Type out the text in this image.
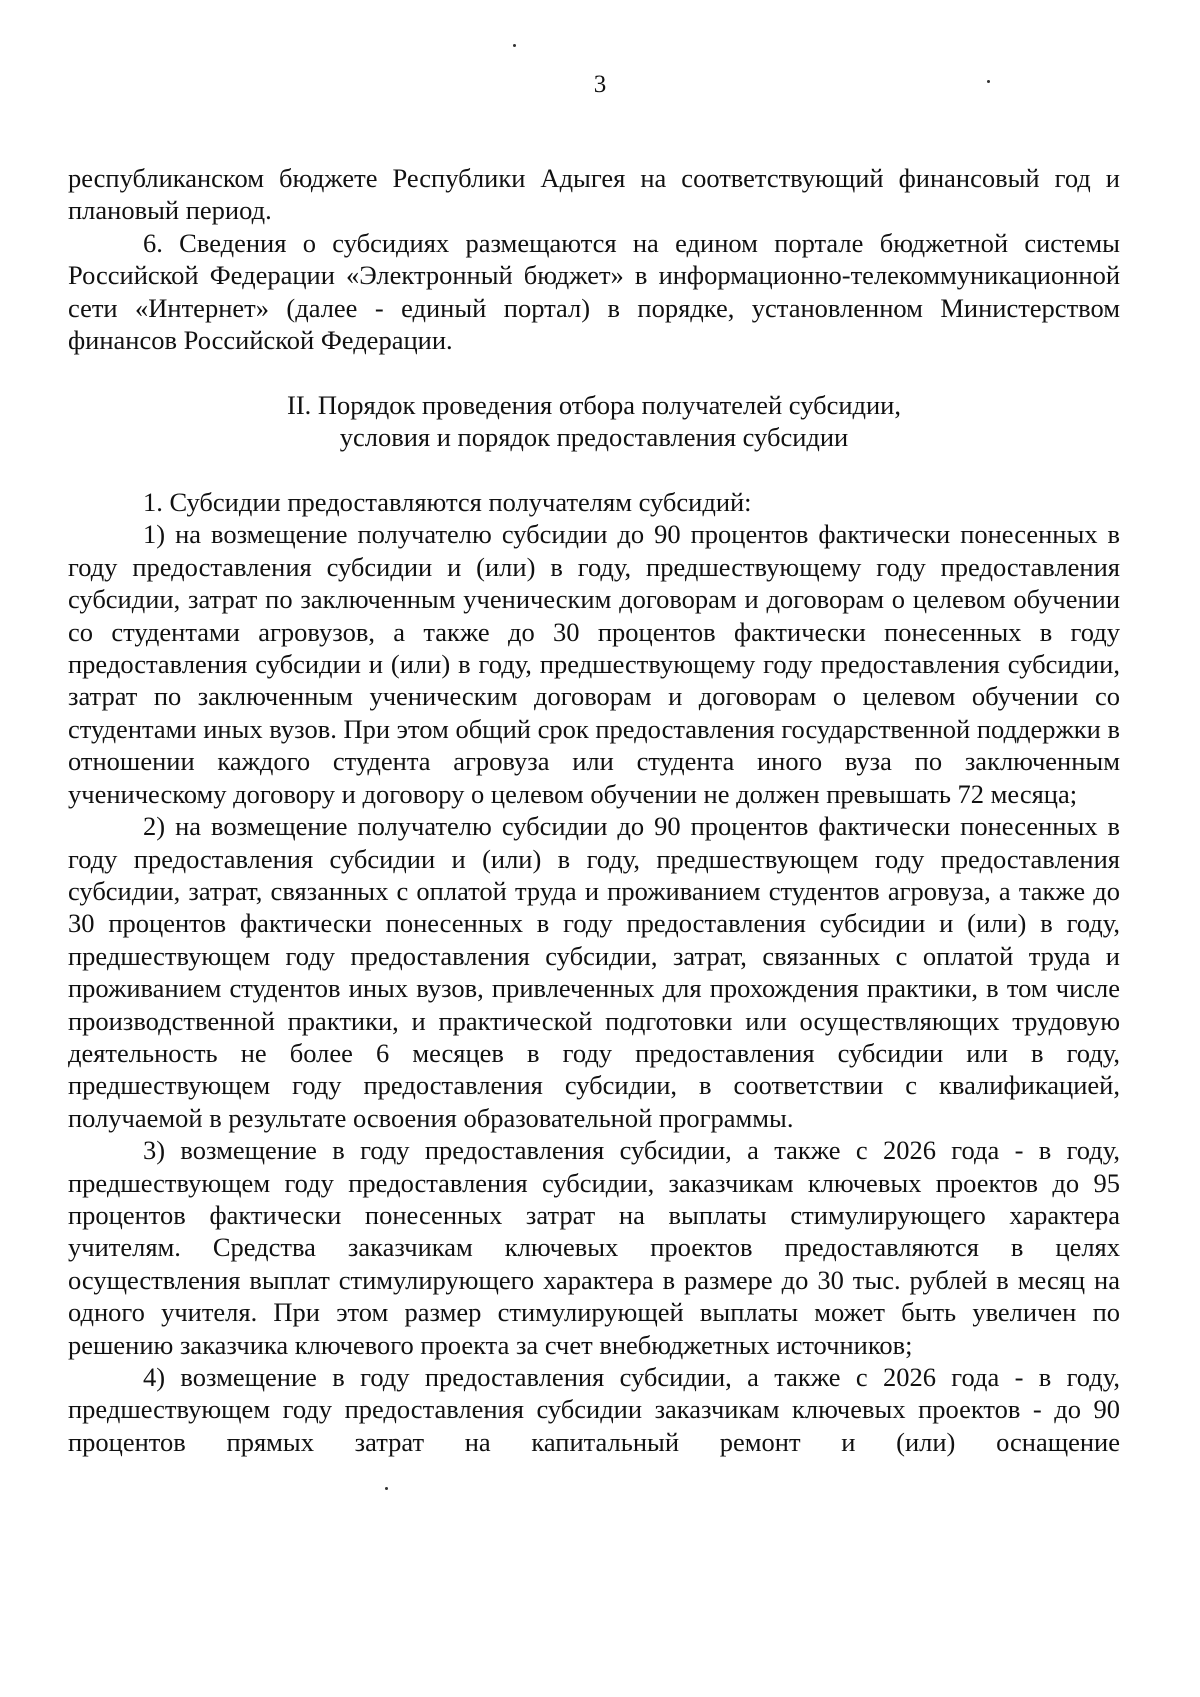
3

республиканском бюджете Республики Адыгея на соответствующий финансовый год и плановый период.

6. Сведения о субсидиях размещаются на едином портале бюджетной системы Российской Федерации «Электронный бюджет» в информационно-телекоммуникационной сети «Интернет» (далее - единый портал) в порядке, установленном Министерством финансов Российской Федерации.

II. Порядок проведения отбора получателей субсидии,
условия и порядок предоставления субсидии

1. Субсидии предоставляются получателям субсидий:

1) на возмещение получателю субсидии до 90 процентов фактически понесенных в году предоставления субсидии и (или) в году, предшествующему году предоставления субсидии, затрат по заключенным ученическим договорам и договорам о целевом обучении со студентами агровузов, а также до 30 процентов фактически понесенных в году предоставления субсидии и (или) в году, предшествующему году предоставления субсидии, затрат по заключенным ученическим договорам и договорам о целевом обучении со студентами иных вузов. При этом общий срок предоставления государственной поддержки в отношении каждого студента агровуза или студента иного вуза по заключенным ученическому договору и договору о целевом обучении не должен превышать 72 месяца;

2) на возмещение получателю субсидии до 90 процентов фактически понесенных в году предоставления субсидии и (или) в году, предшествующем году предоставления субсидии, затрат, связанных с оплатой труда и проживанием студентов агровуза, а также до 30 процентов фактически понесенных в году предоставления субсидии и (или) в году, предшествующем году предоставления субсидии, затрат, связанных с оплатой труда и проживанием студентов иных вузов, привлеченных для прохождения практики, в том числе производственной практики, и практической подготовки или осуществляющих трудовую деятельность не более 6 месяцев в году предоставления субсидии или в году, предшествующем году предоставления субсидии, в соответствии с квалификацией, получаемой в результате освоения образовательной программы.

3) возмещение в году предоставления субсидии, а также с 2026 года - в году, предшествующем году предоставления субсидии, заказчикам ключевых проектов до 95 процентов фактически понесенных затрат на выплаты стимулирующего характера учителям. Средства заказчикам ключевых проектов предоставляются в целях осуществления выплат стимулирующего характера в размере до 30 тыс. рублей в месяц на одного учителя. При этом размер стимулирующей выплаты может быть увеличен по решению заказчика ключевого проекта за счет внебюджетных источников;

4) возмещение в году предоставления субсидии, а также с 2026 года - в году, предшествующем году предоставления субсидии заказчикам ключевых проектов - до 90 процентов прямых затрат на капитальный ремонт и (или) оснащение
